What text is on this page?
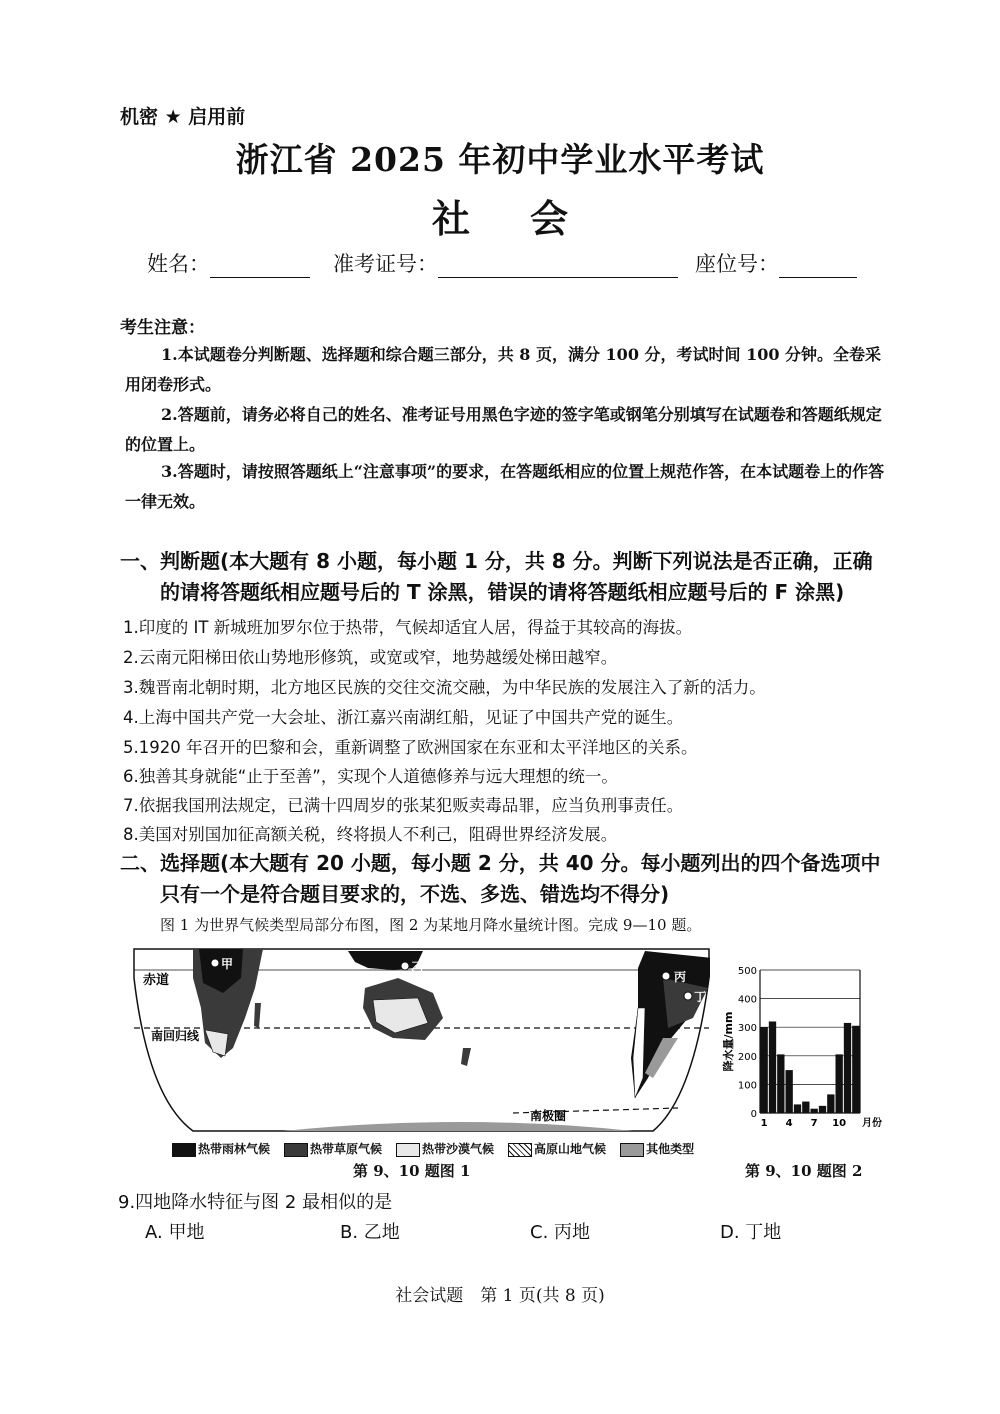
机密 ★ 启用前
浙江省 2025 年初中学业水平考试
社会
姓名：	准考证号：	座位号：
考生注意：
1.本试题卷分判断题、选择题和综合题三部分，共 8 页，满分 100 分，考试时间 100 分钟。全卷采用闭卷形式。
2.答题前，请务必将自己的姓名、准考证号用黑色字迹的签字笔或钢笔分别填写在试题卷和答题纸规定的位置上。
3.答题时，请按照答题纸上“注意事项”的要求，在答题纸相应的位置上规范作答，在本试题卷上的作答一律无效。
一、判断题(本大题有 8 小题，每小题 1 分，共 8 分。判断下列说法是否正确，正确
的请将答题纸相应题号后的 T 涂黑，错误的请将答题纸相应题号后的 F 涂黑)
1.印度的 IT 新城班加罗尔位于热带，气候却适宜人居，得益于其较高的海拔。
2.云南元阳梯田依山势地形修筑，或宽或窄，地势越缓处梯田越窄。
3.魏晋南北朝时期，北方地区民族的交往交流交融，为中华民族的发展注入了新的活力。
4.上海中国共产党一大会址、浙江嘉兴南湖红船，见证了中国共产党的诞生。
5.1920 年召开的巴黎和会，重新调整了欧洲国家在东亚和太平洋地区的关系。
6.独善其身就能“止于至善”，实现个人道德修养与远大理想的统一。
7.依据我国刑法规定，已满十四周岁的张某犯贩卖毒品罪，应当负刑事责任。
8.美国对别国加征高额关税，终将损人不利己，阻碍世界经济发展。
二、选择题(本大题有 20 小题，每小题 2 分，共 40 分。每小题列出的四个备选项中
只有一个是符合题目要求的，不选、多选、错选均不得分)
图 1 为世界气候类型局部分布图，图 2 为某地月降水量统计图。完成 9—10 题。
甲	乙
丙
丁
赤道
南回归线
南极圈
热带雨林气候	热带草原气候	热带沙漠气候	高原山地气候	其他类型
第 9、10 题图 1
降水量/mm
0
100
200
300
400
500
1 4 7 10 月份
第 9、10 题图 2
9.四地降水特征与图 2 最相似的是
A. 甲地	B. 乙地	C. 丙地	D. 丁地
社会试题　第 1 页(共 8 页)
